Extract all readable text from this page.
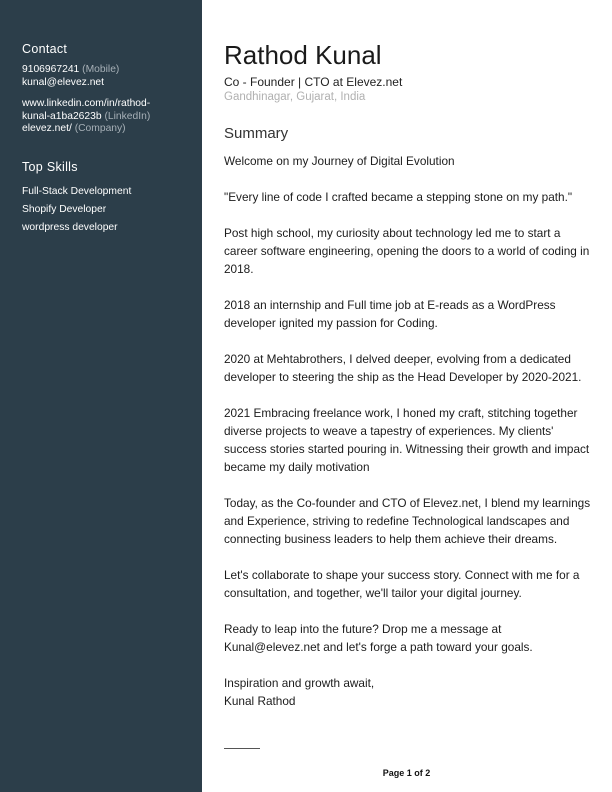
Contact
9106967241 (Mobile)
kunal@elevez.net
www.linkedin.com/in/rathod-
kunal-a1ba2623b (LinkedIn)
elevez.net/ (Company)
Top Skills
Full-Stack Development
Shopify Developer
wordpress developer
Rathod Kunal
Co - Founder | CTO at Elevez.net
Gandhinagar, Gujarat, India
Summary

Welcome on my Journey of Digital Evolution

"Every line of code I crafted became a stepping stone on my path."

Post high school, my curiosity about technology led me to start a career software engineering, opening the doors to a world of coding in 2018.

2018 an internship and Full time job at E-reads as a WordPress developer ignited my passion for Coding.

2020 at Mehtabrothers, I delved deeper, evolving from a dedicated developer to steering the ship as the Head Developer by 2020-2021.

2021 Embracing freelance work, I honed my craft, stitching together diverse projects to weave a tapestry of experiences. My clients' success stories started pouring in. Witnessing their growth and impact became my daily motivation

Today, as the Co-founder and CTO of Elevez.net, I blend my learnings and Experience, striving to redefine Technological landscapes and connecting business leaders to help them achieve their dreams.

Let's collaborate to shape your success story. Connect with me for a consultation, and together, we'll tailor your digital journey.

Ready to leap into the future? Drop me a message at Kunal@elevez.net and let's forge a path toward your goals.

Inspiration and growth await,
Kunal Rathod

Page 1 of 2
